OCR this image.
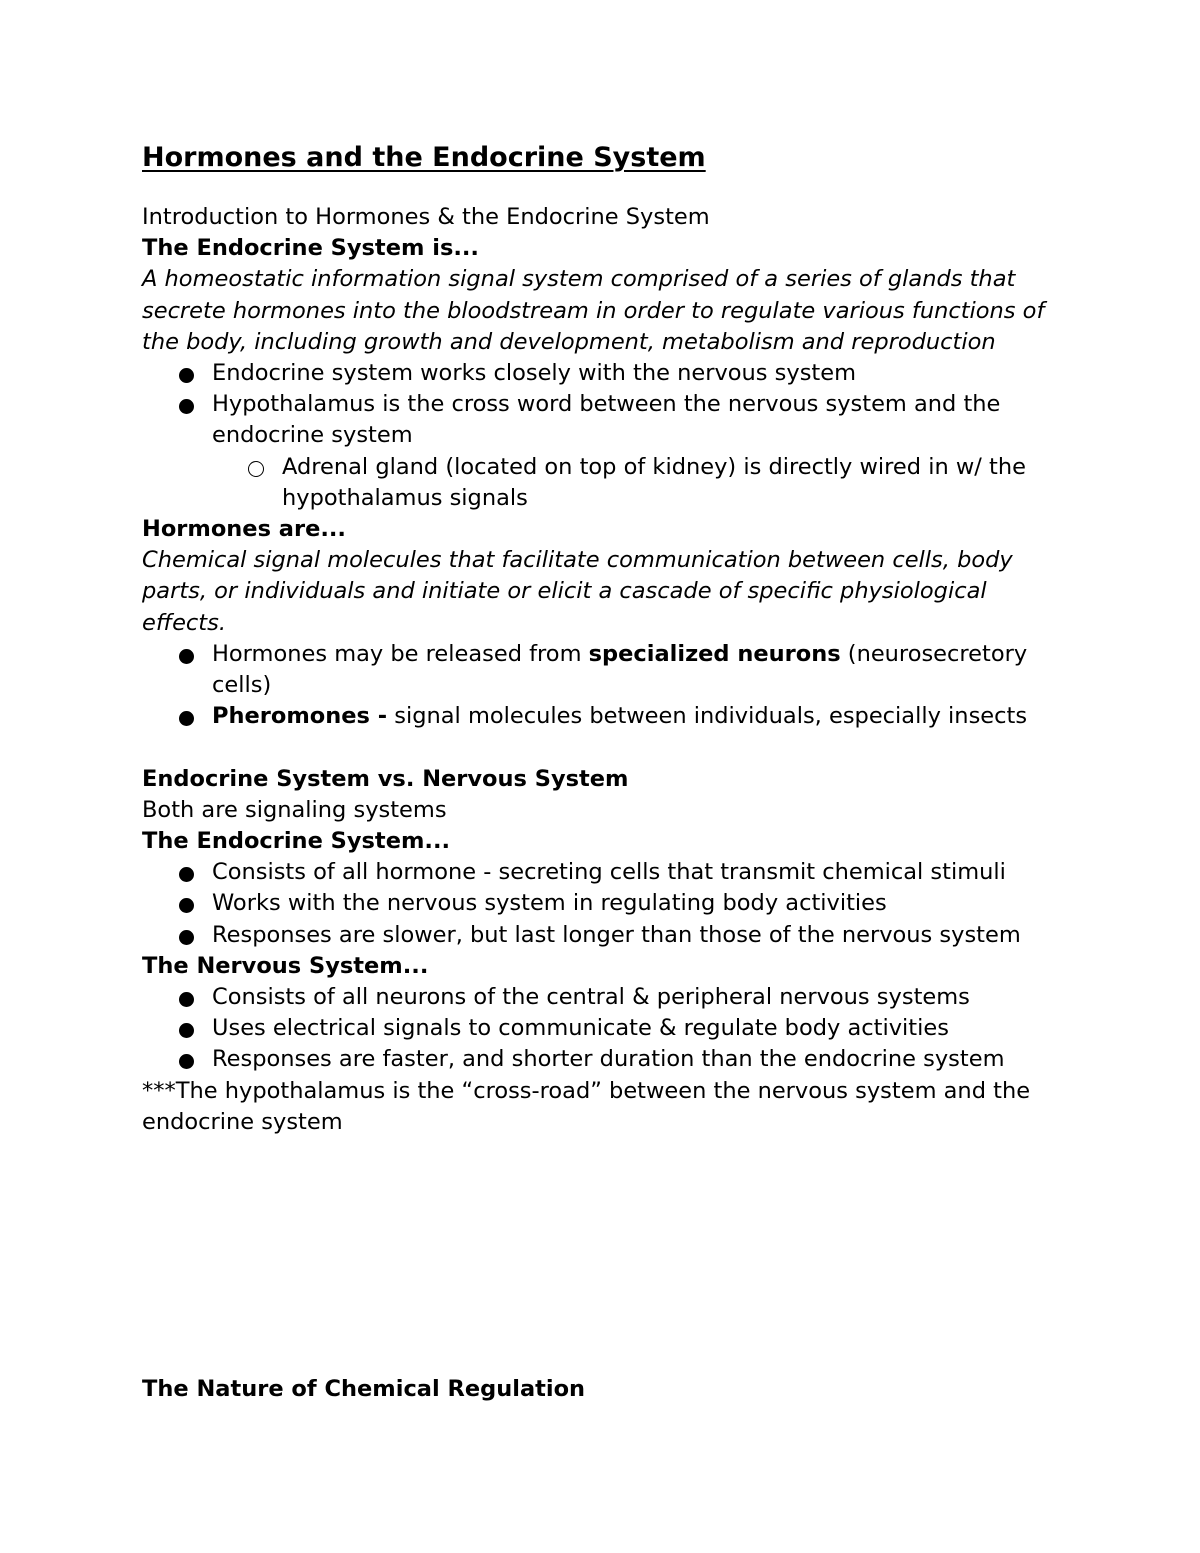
Hormones and the Endocrine System

Introduction to Hormones & the Endocrine System

The Endocrine System is...

A homeostatic information signal system comprised of a series of glands that secrete hormones into the bloodstream in order to regulate various functions of the body, including growth and development, metabolism and reproduction

Endocrine system works closely with the nervous system
Hypothalamus is the cross word between the nervous system and the endocrine system
Adrenal gland (located on top of kidney) is directly wired in w/ the hypothalamus signals

Hormones are...

Chemical signal molecules that facilitate communication between cells, body parts, or individuals and initiate or elicit a cascade of specific physiological effects.

Hormones may be released from specialized neurons (neurosecretory cells)
Pheromones - signal molecules between individuals, especially insects

Endocrine System vs. Nervous System

Both are signaling systems

The Endocrine System...

Consists of all hormone - secreting cells that transmit chemical stimuli
Works with the nervous system in regulating body activities
Responses are slower, but last longer than those of the nervous system

The Nervous System...

Consists of all neurons of the central & peripheral nervous systems
Uses electrical signals to communicate & regulate body activities
Responses are faster, and shorter duration than the endocrine system

***The hypothalamus is the “cross-road” between the nervous system and the endocrine system

The Nature of Chemical Regulation
